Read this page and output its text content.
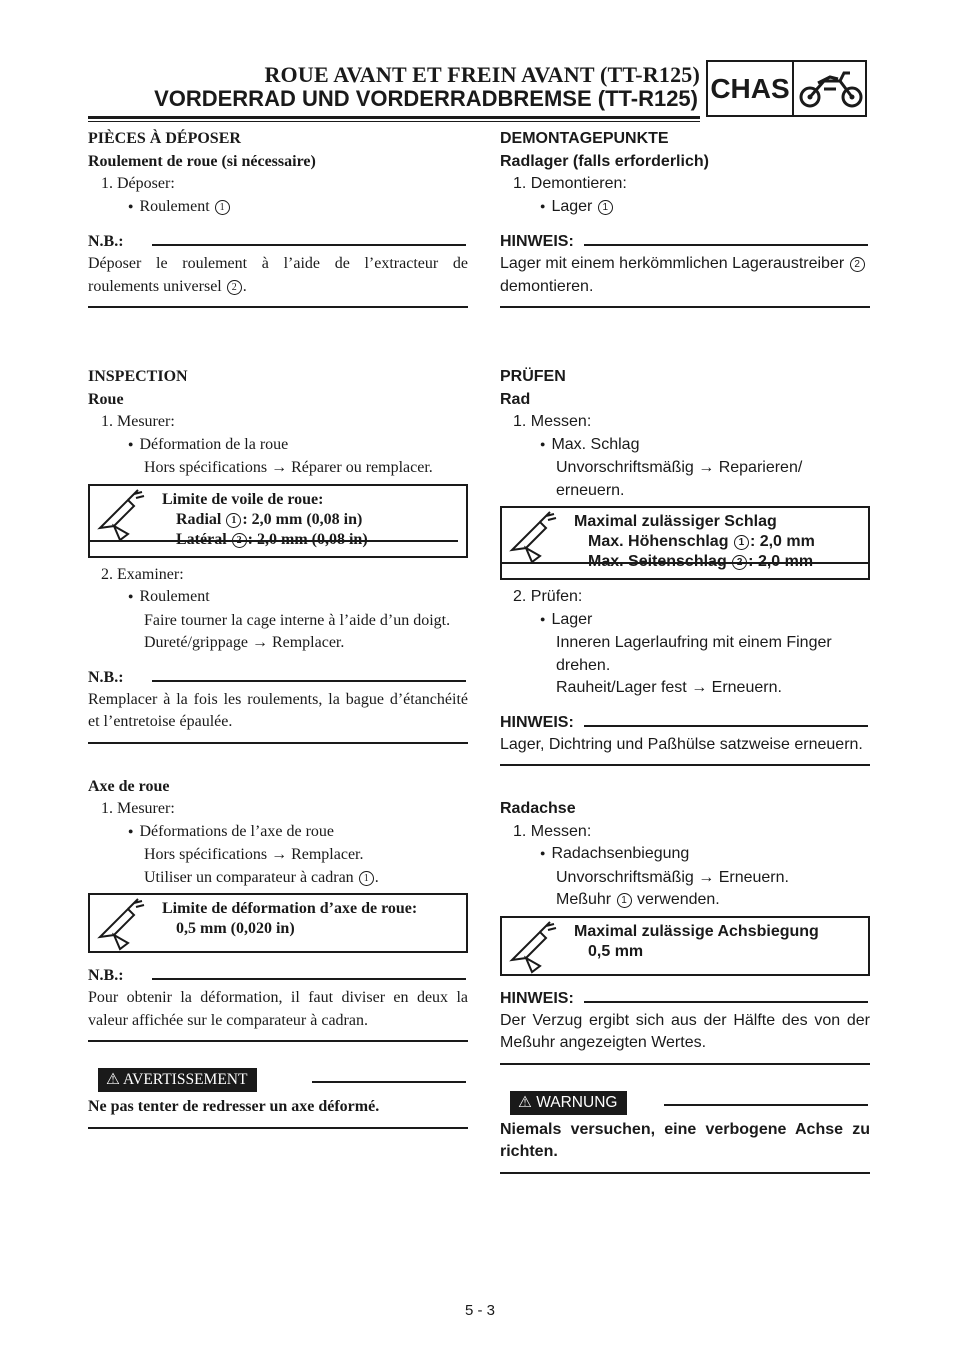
ROUE AVANT ET FREIN AVANT (TT-R125)
VORDERRAD UND VORDERRADBREMSE (TT-R125) CHAS
PIÈCES À DÉPOSER
Roulement de roue (si nécessaire)
1. Déposer:
● Roulement 1
N.B.:
Déposer le roulement à l’aide de l’extracteur de roulements universel 2 .
INSPECTION
Roue
1. Mesurer:
● Déformation de la roue
Hors spécifications → Réparer ou remplacer.
Limite de voile de roue:
Radial 1 : 2,0 mm (0,08 in)
Latéral 2 : 2,0 mm (0,08 in)
2. Examiner:
● Roulement
Faire tourner la cage interne à l’aide d’un doigt.
Dureté/grippage → Remplacer.
N.B.:
Remplacer à la fois les roulements, la bague d’étanchéité et l’entretoise épaulée.
Axe de roue
1. Mesurer:
● Déformations de l’axe de roue
Hors spécifications → Remplacer.
Utiliser un comparateur à cadran 1 .
Limite de déformation d’axe de roue:
0,5 mm (0,020 in)
N.B.:
Pour obtenir la déformation, il faut diviser en deux la valeur affichée sur le comparateur à cadran.
⚠ AVERTISSEMENT
Ne pas tenter de redresser un axe déformé.
DEMONTAGEPUNKTE
Radlager (falls erforderlich)
1. Demontieren:
● Lager 1
HINWEIS:
Lager mit einem herkömmlichen Lageraustreiber 2 demontieren.
PRÜFEN
Rad
1. Messen:
● Max. Schlag
Unvorschriftsmäßig → Reparieren/ erneuern.
Maximal zulässiger Schlag
Max. Höhenschlag 1 : 2,0 mm
Max. Seitenschlag 2 : 2,0 mm
2. Prüfen:
● Lager
Inneren Lagerlaufring mit einem Finger drehen.
Rauheit/Lager fest → Erneuern.
HINWEIS:
Lager, Dichtring und Paßhülse satzweise erneuern.
Radachse
1. Messen:
● Radachsenbiegung
Unvorschriftsmäßig → Erneuern.
Meßuhr 1 verwenden.
Maximal zulässige Achsbiegung
0,5 mm
HINWEIS:
Der Verzug ergibt sich aus der Hälfte des von der Meßuhr angezeigten Wertes.
⚠ WARNUNG
Niemals versuchen, eine verbogene Achse zu richten.
5 - 3
